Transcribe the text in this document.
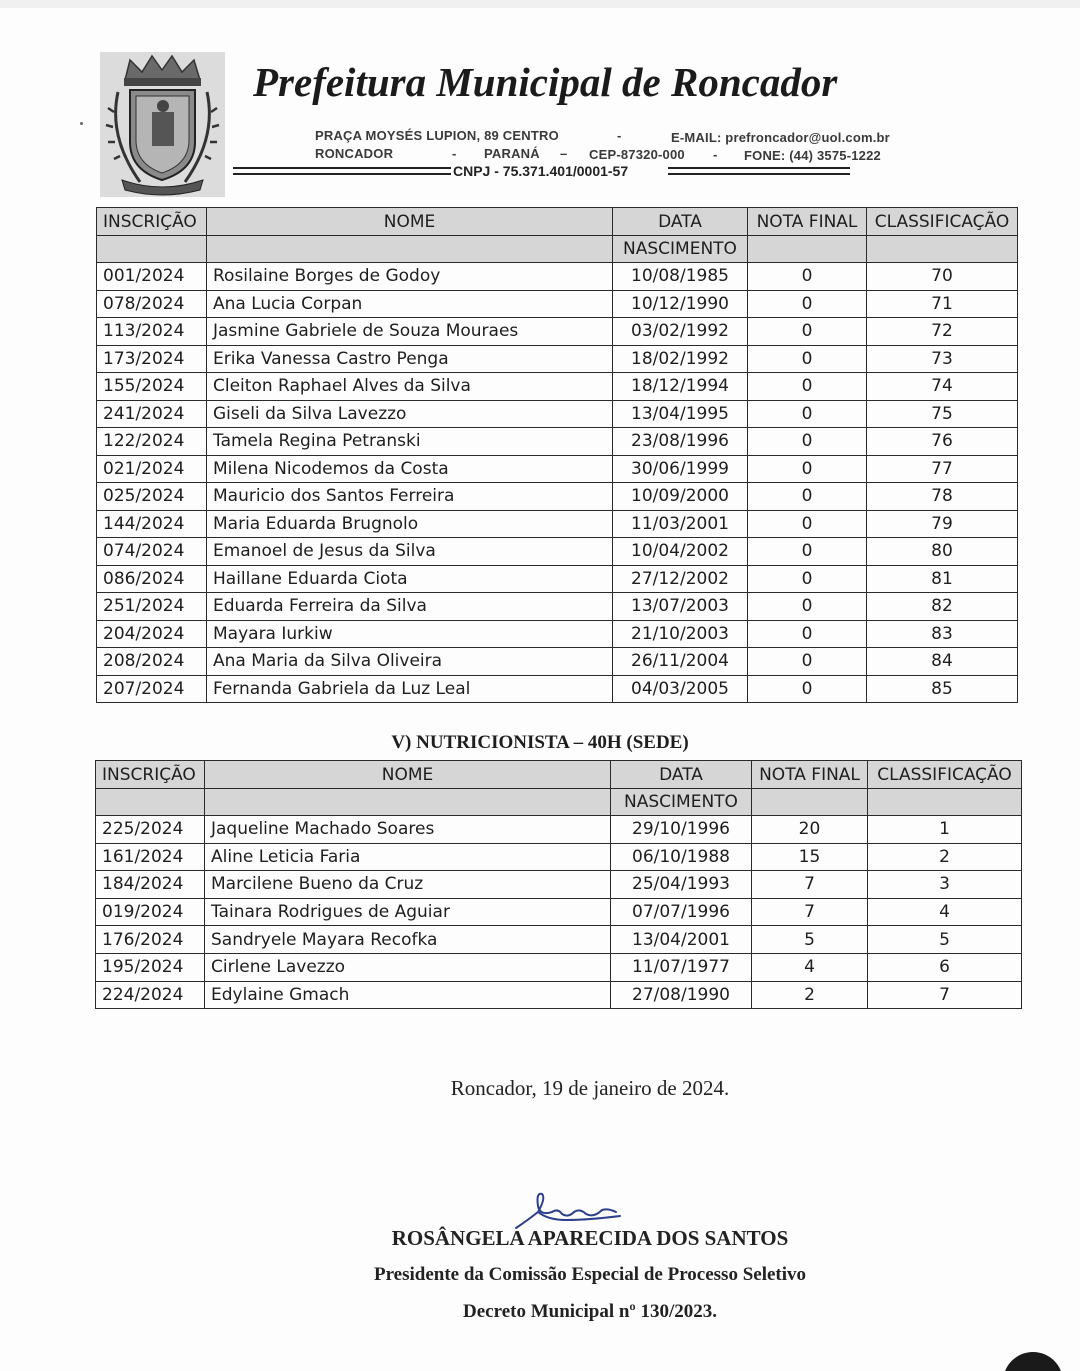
Prefeitura Municipal de Roncador
PRAÇA MOYSÉS LUPION, 89 CENTRO	-	E-MAIL: prefroncador@uol.com.br
RONCADOR	- PARANÁ – CEP-87320-000 - FONE: (44) 3575-1222
CNPJ - 75.371.401/0001-57
INSCRIÇÃO	NOME	DATA	NOTA FINAL	CLASSIFICAÇÃO
		NASCIMENTO		
001/2024	Rosilaine Borges de Godoy	10/08/1985	0	70
078/2024	Ana Lucia Corpan	10/12/1990	0	71
113/2024	Jasmine Gabriele de Souza Mouraes	03/02/1992	0	72
173/2024	Erika Vanessa Castro Penga	18/02/1992	0	73
155/2024	Cleiton Raphael Alves da Silva	18/12/1994	0	74
241/2024	Giseli da Silva Lavezzo	13/04/1995	0	75
122/2024	Tamela Regina Petranski	23/08/1996	0	76
021/2024	Milena Nicodemos da Costa	30/06/1999	0	77
025/2024	Mauricio dos Santos Ferreira	10/09/2000	0	78
144/2024	Maria Eduarda Brugnolo	11/03/2001	0	79
074/2024	Emanoel de Jesus da Silva	10/04/2002	0	80
086/2024	Haillane Eduarda Ciota	27/12/2002	0	81
251/2024	Eduarda Ferreira da Silva	13/07/2003	0	82
204/2024	Mayara Iurkiw	21/10/2003	0	83
208/2024	Ana Maria da Silva Oliveira	26/11/2004	0	84
207/2024	Fernanda Gabriela da Luz Leal	04/03/2005	0	85
V) NUTRICIONISTA – 40H (SEDE)
INSCRIÇÃO	NOME	DATA	NOTA FINAL	CLASSIFICAÇÃO
		NASCIMENTO		
225/2024	Jaqueline Machado Soares	29/10/1996	20	1
161/2024	Aline Leticia Faria	06/10/1988	15	2
184/2024	Marcilene Bueno da Cruz	25/04/1993	7	3
019/2024	Tainara Rodrigues de Aguiar	07/07/1996	7	4
176/2024	Sandryele Mayara Recofka	13/04/2001	5	5
195/2024	Cirlene Lavezzo	11/07/1977	4	6
224/2024	Edylaine Gmach	27/08/1990	2	7
Roncador, 19 de janeiro de 2024.
ROSÂNGELA APARECIDA DOS SANTOS
Presidente da Comissão Especial de Processo Seletivo
Decreto Municipal nº 130/2023.
